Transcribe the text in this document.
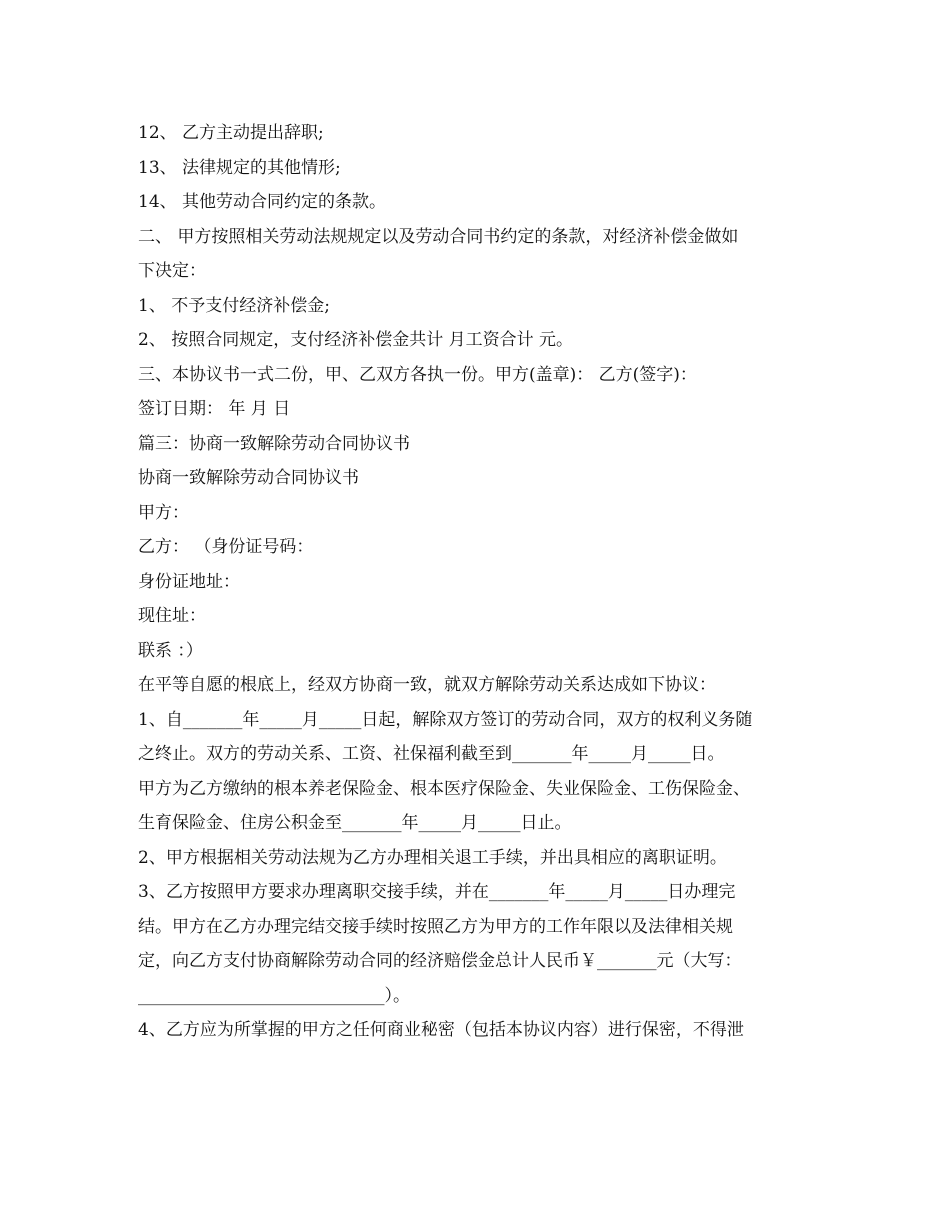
12、 乙方主动提出辞职;
13、 法律规定的其他情形;
14、 其他劳动合同约定的条款。
二、 甲方按照相关劳动法规规定以及劳动合同书约定的条款，对经济补偿金做如
下决定：
1、 不予支付经济补偿金;
2、 按照合同规定，支付经济补偿金共计 月工资合计 元。
三、本协议书一式二份，甲、乙双方各执一份。甲方(盖章)： 乙方(签字)：
签订日期： 年 月 日
篇三：协商一致解除劳动合同协议书
协商一致解除劳动合同协议书
甲方：
乙方： （身份证号码：
身份证地址：
现住址：
联系 ：）
在平等自愿的根底上，经双方协商一致，就双方解除劳动关系达成如下协议：
1、自_______年_____月_____日起，解除双方签订的劳动合同，双方的权利义务随
之终止。双方的劳动关系、工资、社保福利截至到_______年_____月_____日。
甲方为乙方缴纳的根本养老保险金、根本医疗保险金、失业保险金、工伤保险金、
生育保险金、住房公积金至_______年_____月_____日止。
2、甲方根据相关劳动法规为乙方办理相关退工手续，并出具相应的离职证明。
3、乙方按照甲方要求办理离职交接手续，并在_______年_____月_____日办理完
结。甲方在乙方办理完结交接手续时按照乙方为甲方的工作年限以及法律相关规
定，向乙方支付协商解除劳动合同的经济赔偿金总计人民币￥_______元（大写：
_____________________________）。
4、乙方应为所掌握的甲方之任何商业秘密（包括本协议内容）进行保密，不得泄
